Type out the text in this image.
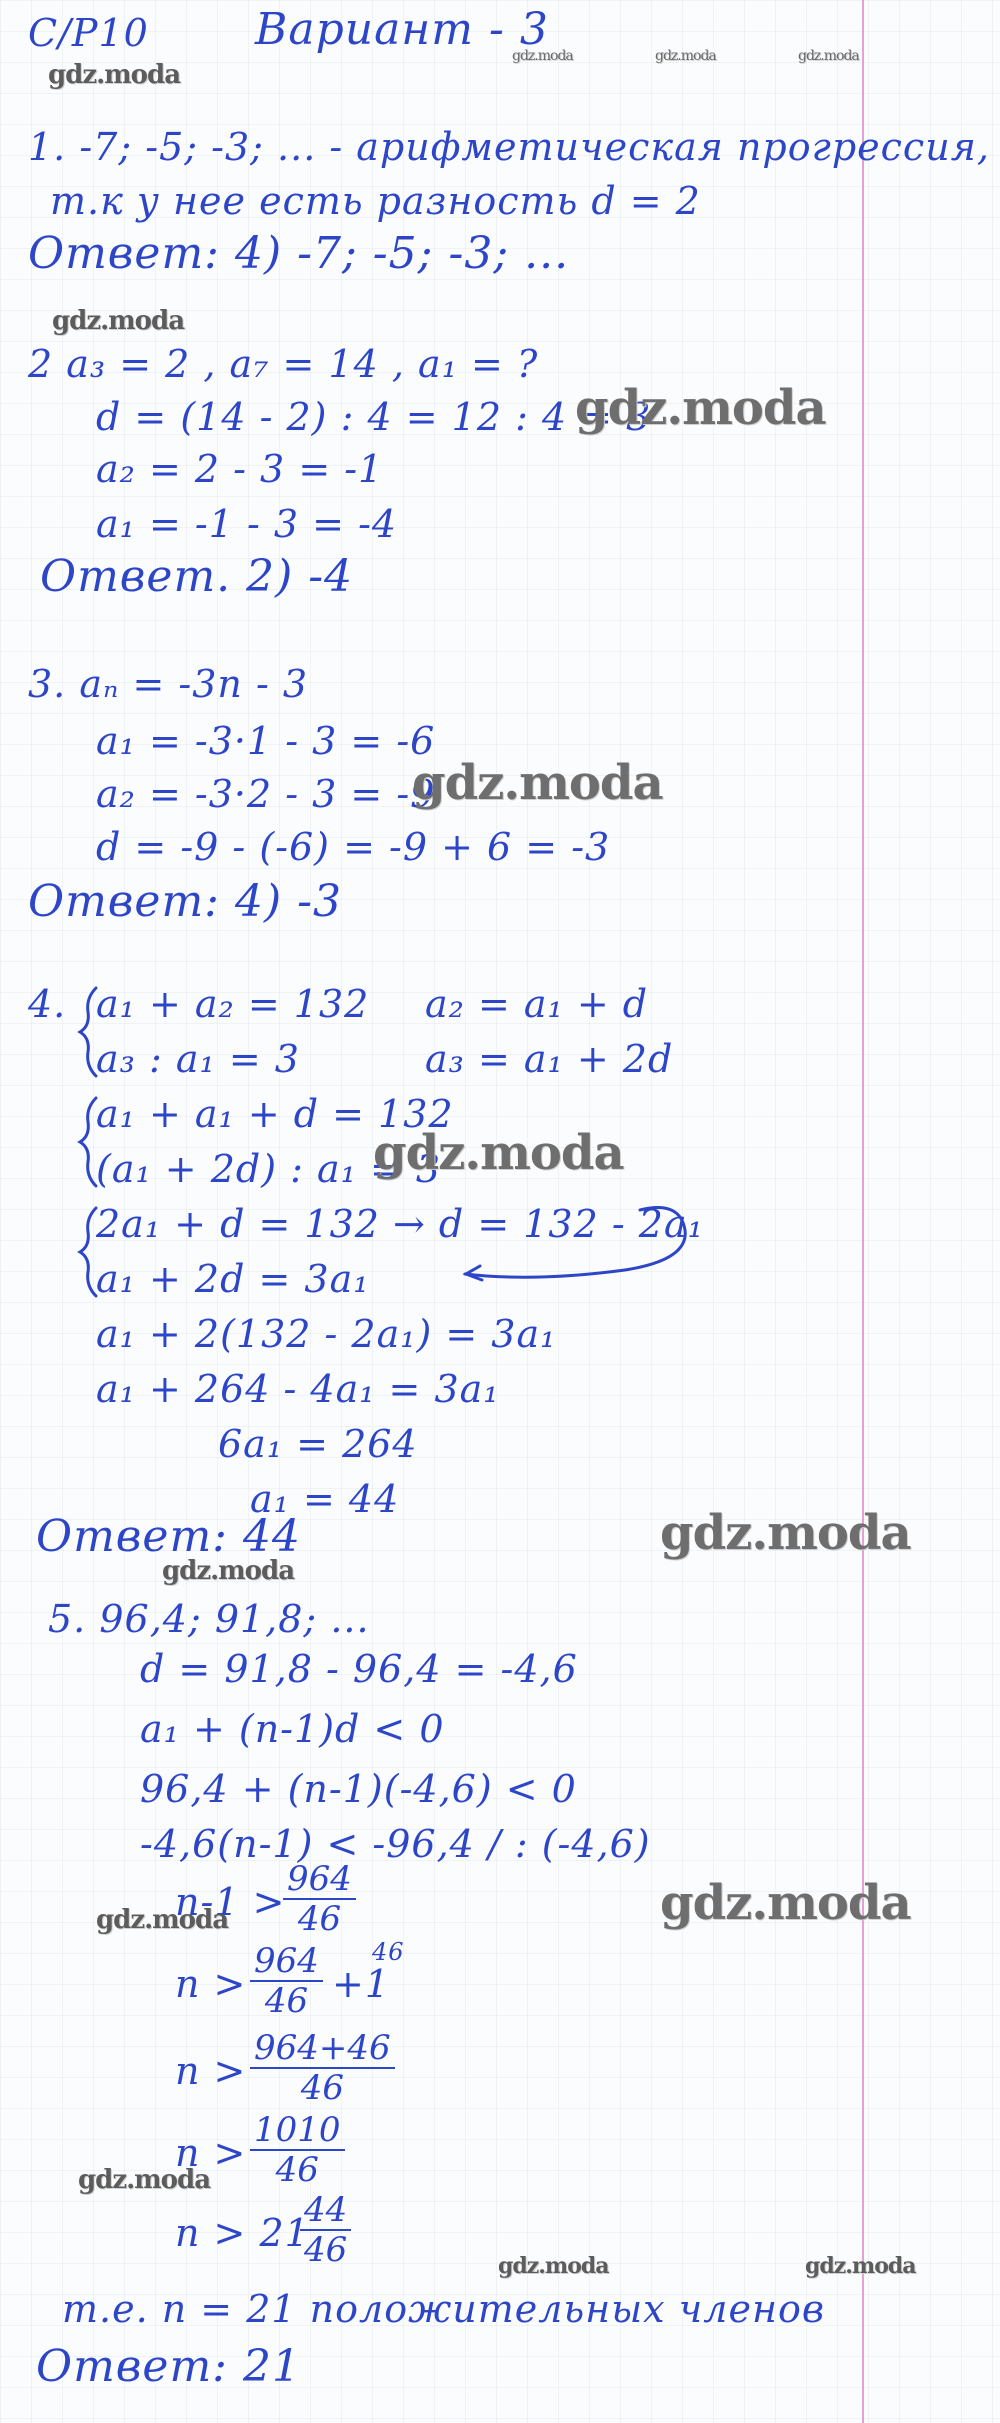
С/Р10 Вариант - 3
gdz.moda
gdz.moda	gdz.moda	gdz.moda
1. -7; -5; -3; ... - арифметическая прогрессия,
т.к у нее есть разность d = 2
Ответ: 4) -7; -5; -3; ...
gdz.moda
2 a₃ = 2 , a₇ = 14 , a₁ = ?
d = (14 - 2) : 4 = 12 : 4 = 3
gdz.moda
a₂ = 2 - 3 = -1
a₁ = -1 - 3 = -4
Ответ. 2) -4
3. aₙ = -3n - 3
a₁ = -3·1 - 3 = -6
a₂ = -3·2 - 3 = -9
gdz.moda
d = -9 - (-6) = -9 + 6 = -3
Ответ: 4) -3
4. a₁ + a₂ = 132
a₃ : a₁ = 3
a₂ = a₁ + d
a₃ = a₁ + 2d
a₁ + a₁ + d = 132
(a₁ + 2d) : a₁ = 3
gdz.moda
2a₁ + d = 132 → d = 132 - 2a₁
a₁ + 2d = 3a₁
a₁ + 2(132 - 2a₁) = 3a₁
a₁ + 264 - 4a₁ = 3a₁
6a₁ = 264
a₁ = 44
Ответ: 44	gdz.moda
gdz.moda
5. 96,4; 91,8; ...
d = 91,8 - 96,4 = -4,6
a₁ + (n-1)d < 0
96,4 + (n-1)(-4,6) < 0
-4,6(n-1) < -96,4 / : (-4,6)
n-1 >
$\frac{964}{46}$
gdz.moda	gdz.moda
$n > \frac{964}{46} +1$
46
$n > \frac{964+46}{46}$
$n > \frac{1010}{46}$
gdz.moda
n > 21
$\frac{44}{46}$	gdz.moda	gdz.moda
т.е. n = 21 положительных членов
Ответ: 21
